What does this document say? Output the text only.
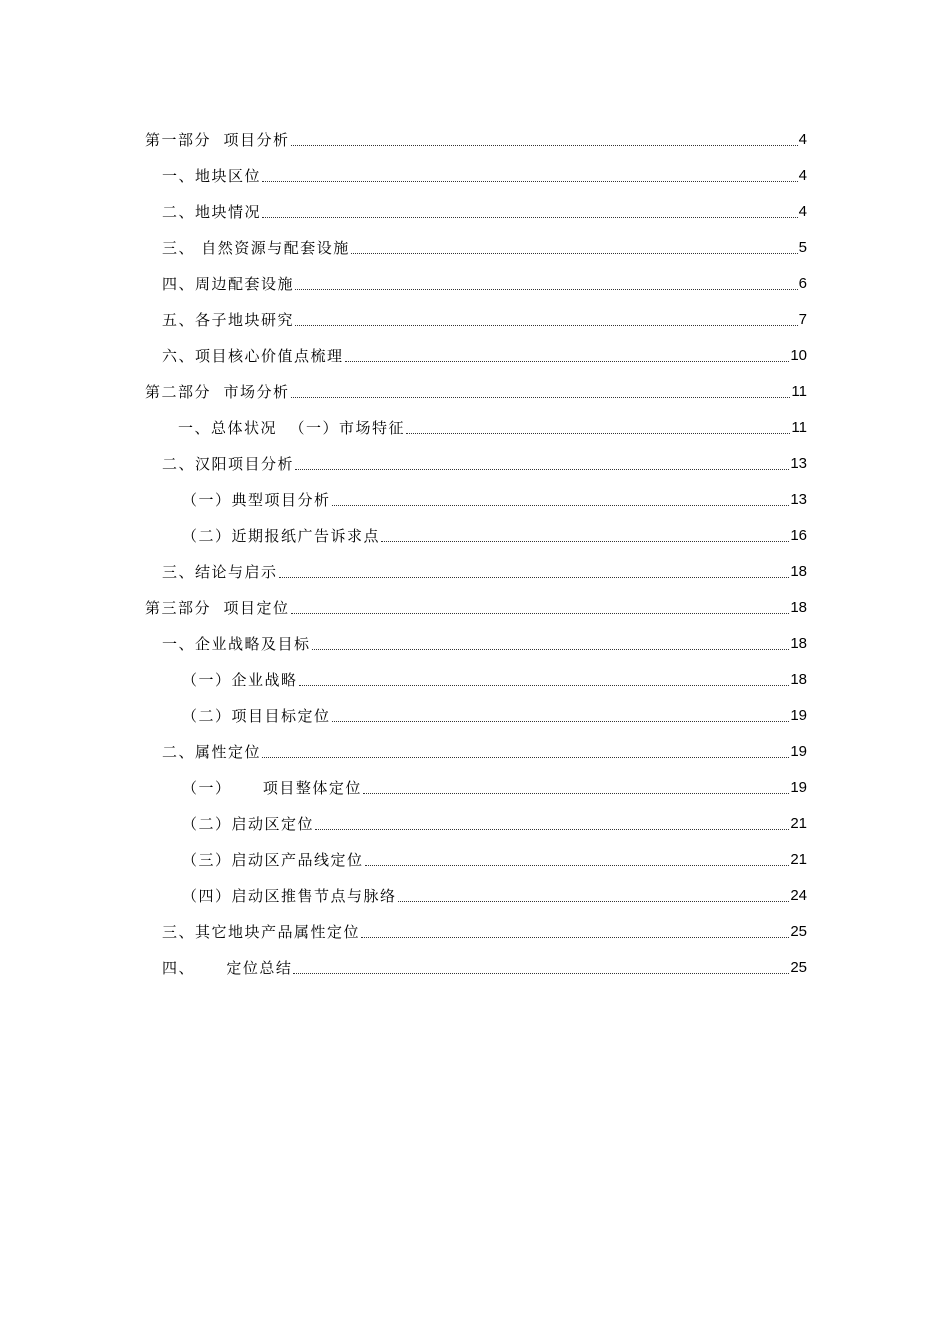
第一部分  项目分析	4
一、地块区位	4
二、地块情况	4
三、 自然资源与配套设施	5
四、周边配套设施	6
五、各子地块研究	7
六、项目核心价值点梳理	10
第二部分  市场分析	11
一、总体状况  （一）市场特征	11
二、汉阳项目分析	13
（一）典型项目分析	13
（二）近期报纸广告诉求点	16
三、结论与启示	18
第三部分  项目定位	18
一、企业战略及目标	18
（一）企业战略	18
（二）项目目标定位	19
二、属性定位	19
（一）     项目整体定位	19
（二）启动区定位	21
（三）启动区产品线定位	21
（四）启动区推售节点与脉络	24
三、其它地块产品属性定位	25
四、     定位总结	25
